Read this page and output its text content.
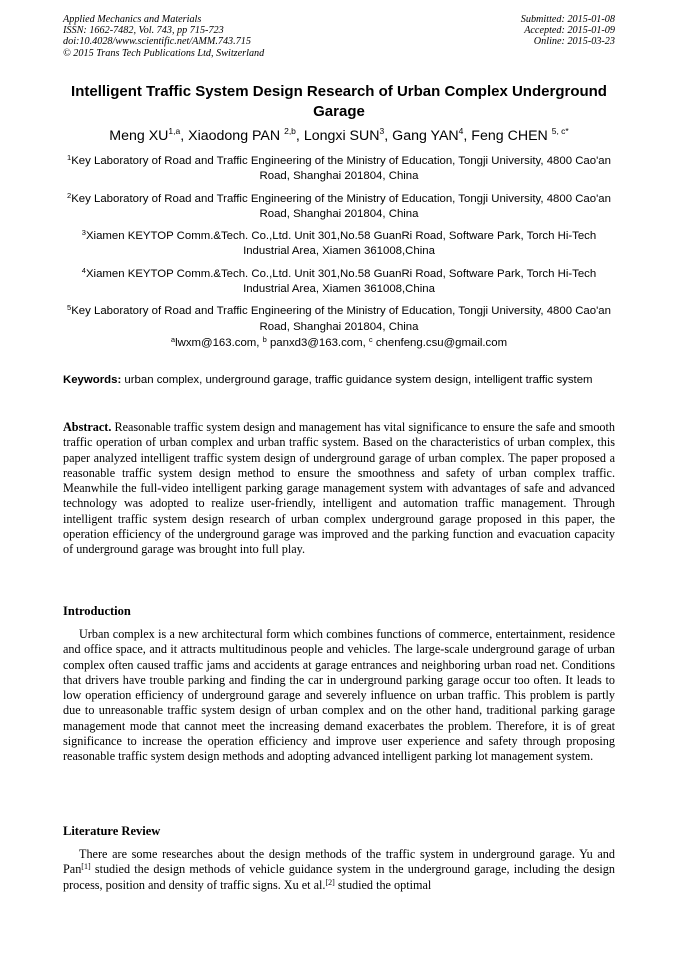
Applied Mechanics and Materials
ISSN: 1662-7482, Vol. 743, pp 715-723
doi:10.4028/www.scientific.net/AMM.743.715
© 2015 Trans Tech Publications Ltd, Switzerland
Submitted: 2015-01-08
Accepted: 2015-01-09
Online: 2015-03-23
Intelligent Traffic System Design Research of Urban Complex Underground Garage
Meng XU$^{1,a}$, Xiaodong PAN $^{2,b}$, Longxi SUN$^3$, Gang YAN$^4$, Feng CHEN $^{5, c*}$
$^1$Key Laboratory of Road and Traffic Engineering of the Ministry of Education, Tongji University, 4800 Cao'an Road, Shanghai 201804, China
$^2$Key Laboratory of Road and Traffic Engineering of the Ministry of Education, Tongji University, 4800 Cao'an Road, Shanghai 201804, China
$^3$Xiamen KEYTOP Comm.&Tech. Co.,Ltd. Unit 301,No.58 GuanRi Road, Software Park, Torch Hi-Tech Industrial Area, Xiamen 361008,China
$^4$Xiamen KEYTOP Comm.&Tech. Co.,Ltd. Unit 301,No.58 GuanRi Road, Software Park, Torch Hi-Tech Industrial Area, Xiamen 361008,China
$^5$Key Laboratory of Road and Traffic Engineering of the Ministry of Education, Tongji University, 4800 Cao'an Road, Shanghai 201804, China
$^a$lwxm@163.com, $^b$ panxd3@163.com, $^c$ chenfeng.csu@gmail.com
Keywords: urban complex, underground garage, traffic guidance system design, intelligent traffic system
Abstract. Reasonable traffic system design and management has vital significance to ensure the safe and smooth traffic operation of urban complex and urban traffic system. Based on the characteristics of urban complex, this paper analyzed intelligent traffic system design of underground garage of urban complex. The paper proposed a reasonable traffic system design method to ensure the smoothness and safety of urban complex traffic. Meanwhile the full-video intelligent parking garage management system with advantages of safe and advanced technology was adopted to realize user-friendly, intelligent and automation traffic management. Through intelligent traffic system design research of urban complex underground garage proposed in this paper, the operation efficiency of the underground garage was improved and the parking function and evacuation capacity of underground garage was brought into full play.
Introduction
Urban complex is a new architectural form which combines functions of commerce, entertainment, residence and office space, and it attracts multitudinous people and vehicles. The large-scale underground garage of urban complex often caused traffic jams and accidents at garage entrances and neighboring urban road net. Conditions that drivers have trouble parking and finding the car in underground parking garage occur too often. It leads to low operation efficiency of underground garage and severely influence on urban traffic. This problem is partly due to unreasonable traffic system design of urban complex and on the other hand, traditional parking garage management mode that cannot meet the increasing demand exacerbates the problem. Therefore, it is of great significance to increase the operation efficiency and improve user experience and safety through proposing reasonable traffic system design methods and adopting advanced intelligent parking lot management system.
Literature Review
There are some researches about the design methods of the traffic system in underground garage. Yu and Pan[1] studied the design methods of vehicle guidance system in the underground garage, including the design process, position and density of traffic signs. Xu et al.[2] studied the optimal
